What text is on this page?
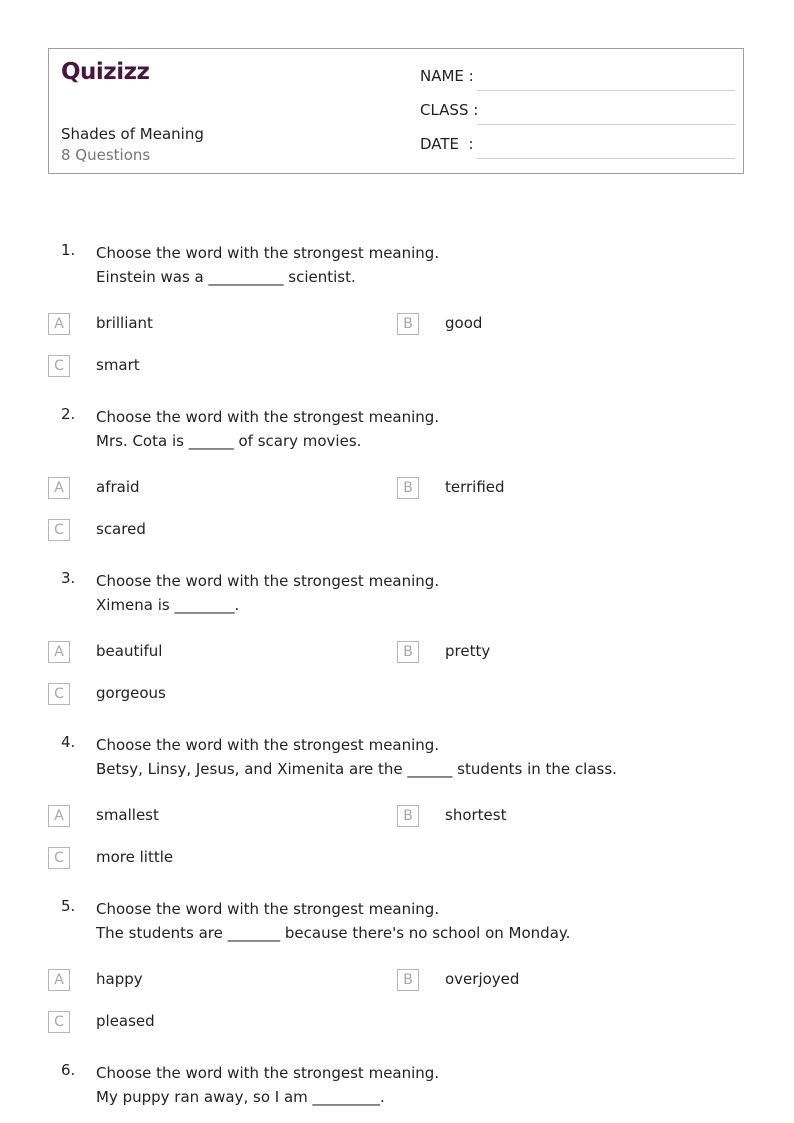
Quizizz
Shades of Meaning
8 Questions
NAME :
CLASS :
DATE  :
1. Choose the word with the strongest meaning.
Einstein was a __________ scientist.
A	brilliant	B	good
C	smart
2. Choose the word with the strongest meaning.
Mrs. Cota is ______ of scary movies.
A	afraid	B	terrified
C	scared
3. Choose the word with the strongest meaning.
Ximena is ________.
A	beautiful	B	pretty
C	gorgeous
4. Choose the word with the strongest meaning.
Betsy, Linsy, Jesus, and Ximenita are the ______ students in the class.
A	smallest	B	shortest
C	more little
5. Choose the word with the strongest meaning.
The students are _______ because there's no school on Monday.
A	happy	B	overjoyed
C	pleased
6. Choose the word with the strongest meaning.
My puppy ran away, so I am _________.
